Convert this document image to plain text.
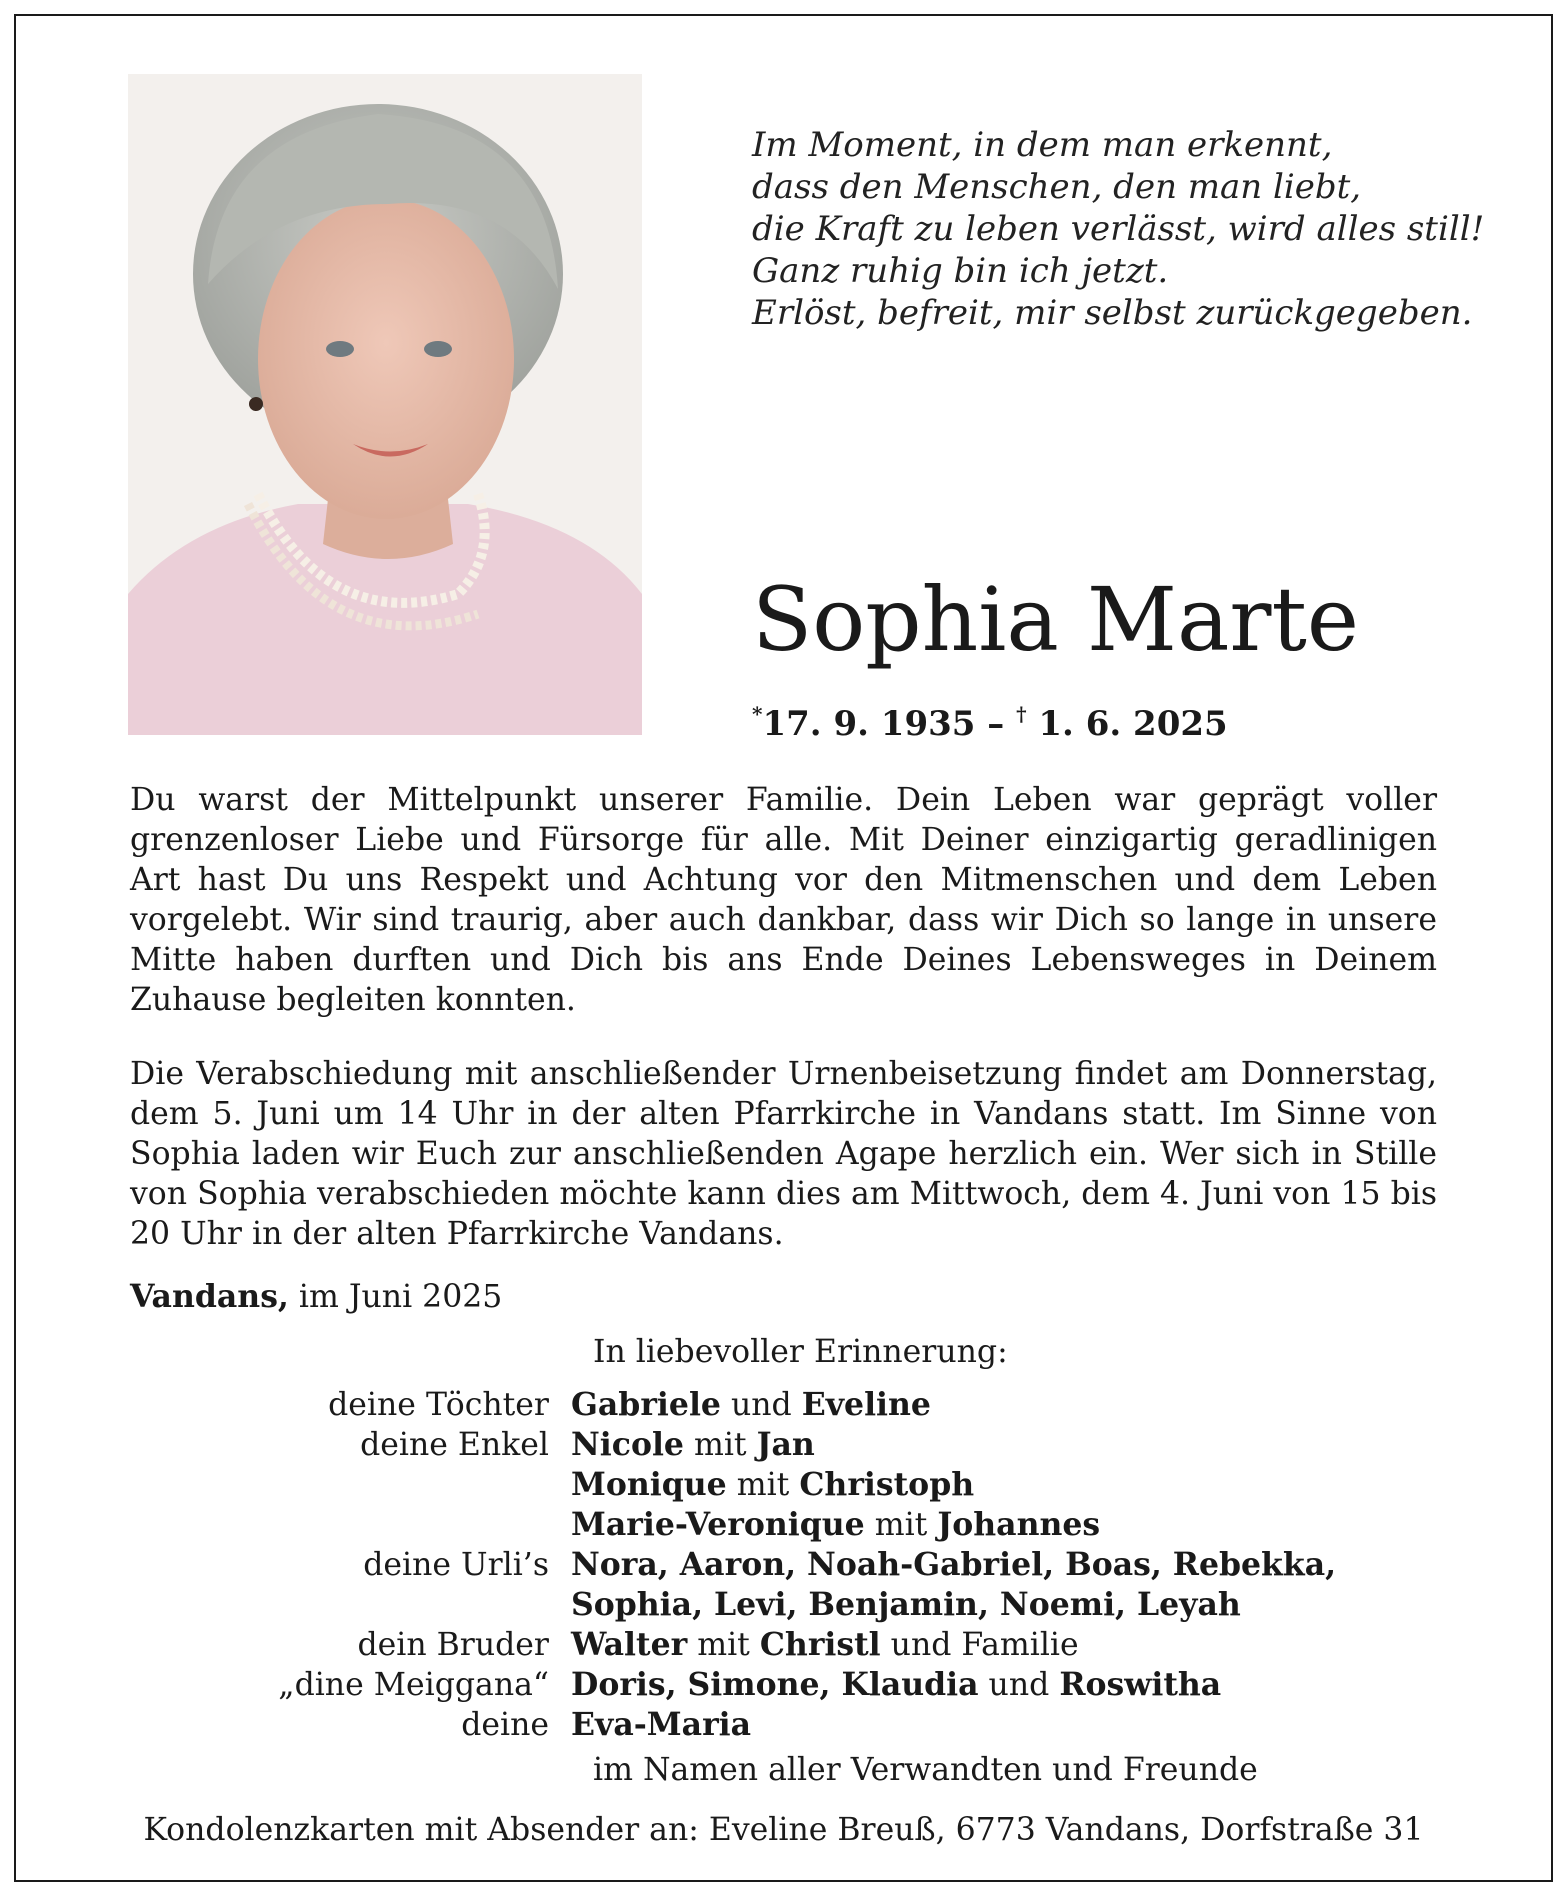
Im Moment, in dem man erkennt,
dass den Menschen, den man liebt,
die Kraft zu leben verlässt, wird alles still!
Ganz ruhig bin ich jetzt.
Erlöst, befreit, mir selbst zurückgegeben.
Sophia Marte
*17. 9. 1935 – † 1. 6. 2025
Du warst der Mittelpunkt unserer Familie. Dein Leben war geprägt voller grenzenloser Liebe und Fürsorge für alle. Mit Deiner einzigartig geradlinigen Art hast Du uns Respekt und Achtung vor den Mitmenschen und dem Leben vorgelebt. Wir sind traurig, aber auch dankbar, dass wir Dich so lange in unsere Mitte haben durften und Dich bis ans Ende Deines Lebensweges in Deinem Zuhause begleiten konnten.
Die Verabschiedung mit anschließender Urnenbeisetzung findet am Donnerstag, dem 5. Juni um 14 Uhr in der alten Pfarrkirche in Vandans statt. Im Sinne von Sophia laden wir Euch zur anschließenden Agape herzlich ein. Wer sich in Stille von Sophia verabschieden möchte kann dies am Mittwoch, dem 4. Juni von 15 bis 20 Uhr in der alten Pfarrkirche Vandans.
Vandans, im Juni 2025
In liebevoller Erinnerung:
deine Töchter Gabriele und Eveline
deine Enkel Nicole mit Jan
Monique mit Christoph
Marie-Veronique mit Johannes
deine Urli’s Nora, Aaron, Noah-Gabriel, Boas, Rebekka,
Sophia, Levi, Benjamin, Noemi, Leyah
dein Bruder Walter mit Christl und Familie
„dine Meiggana“ Doris, Simone, Klaudia und Roswitha
deine Eva-Maria
im Namen aller Verwandten und Freunde
Kondolenzkarten mit Absender an: Eveline Breuß, 6773 Vandans, Dorfstraße 31
